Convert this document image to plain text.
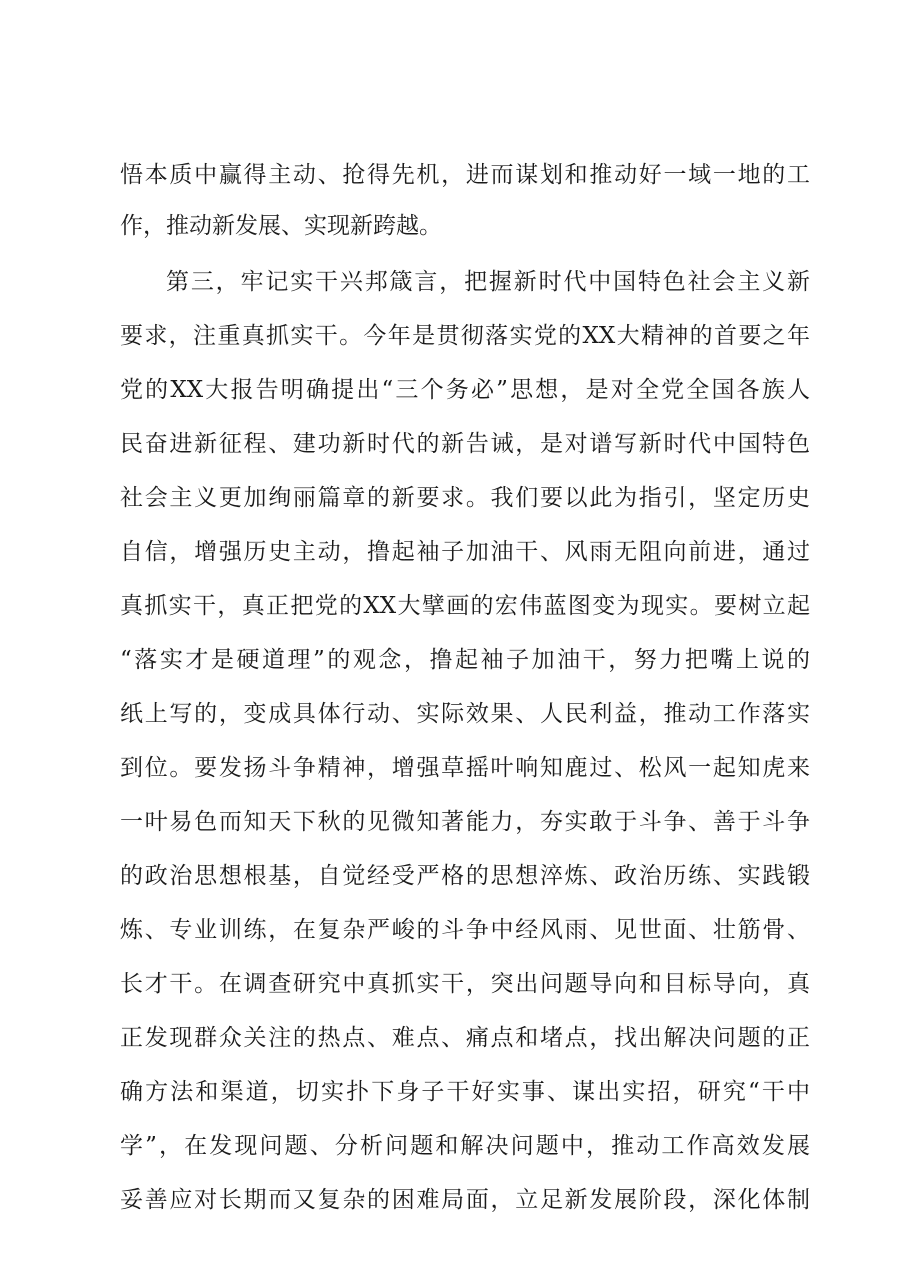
悟本质中赢得主动、抢得先机，进而谋划和推动好一域一地的工
作，推动新发展、实现新跨越。
第三，牢记实干兴邦箴言，把握新时代中国特色社会主义新
要求，注重真抓实干。今年是贯彻落实党的XX大精神的首要之年
党的XX大报告明确提出“三个务必”思想，是对全党全国各族人
民奋进新征程、建功新时代的新告诫，是对谱写新时代中国特色
社会主义更加绚丽篇章的新要求。我们要以此为指引，坚定历史
自信，增强历史主动，撸起袖子加油干、风雨无阻向前进，通过
真抓实干，真正把党的XX大擘画的宏伟蓝图变为现实。要树立起
“落实才是硬道理”的观念，撸起袖子加油干，努力把嘴上说的
纸上写的，变成具体行动、实际效果、人民利益，推动工作落实
到位。要发扬斗争精神，增强草摇叶响知鹿过、松风一起知虎来
一叶易色而知天下秋的见微知著能力，夯实敢于斗争、善于斗争
的政治思想根基，自觉经受严格的思想淬炼、政治历练、实践锻
炼、专业训练，在复杂严峻的斗争中经风雨、见世面、壮筋骨、
长才干。在调查研究中真抓实干，突出问题导向和目标导向，真
正发现群众关注的热点、难点、痛点和堵点，找出解决问题的正
确方法和渠道，切实扑下身子干好实事、谋出实招，研究“干中
学”，在发现问题、分析问题和解决问题中，推动工作高效发展
妥善应对长期而又复杂的困难局面，立足新发展阶段，深化体制
